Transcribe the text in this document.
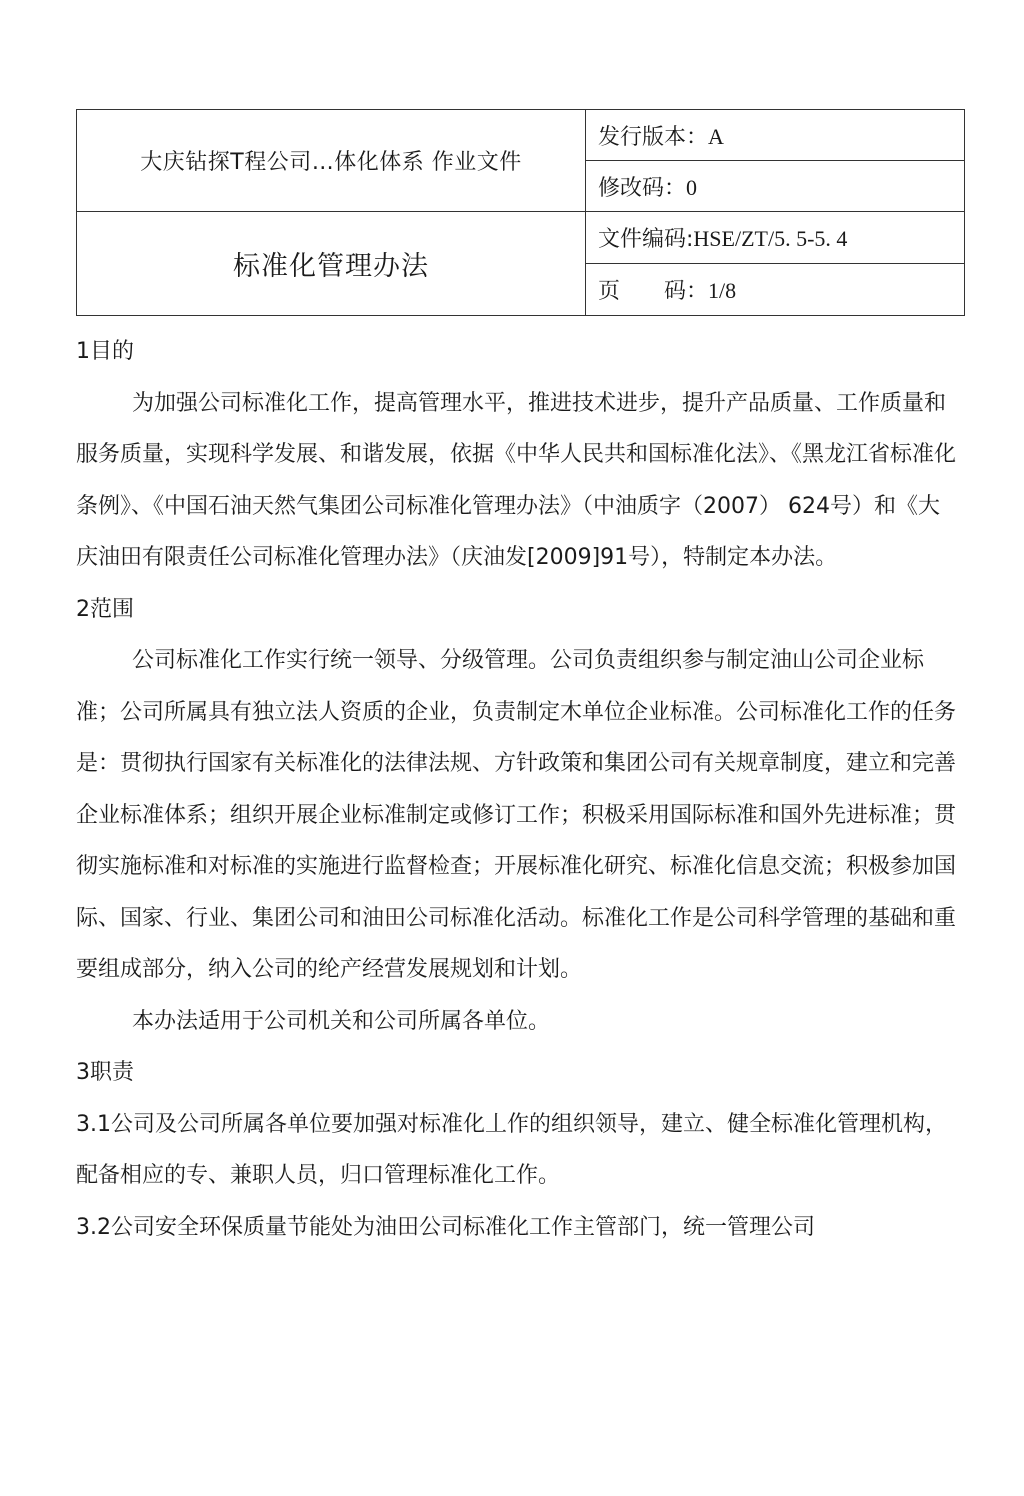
大庆钻探T程公司…体化体系 作业文件	发行版本：A
	修改码：0
标准化管理办法	文件编码:HSE/ZT/5. 5-5. 4
	页　　码：1/8

1目的

为加强公司标准化工作，提高管理水平，推进技术进步，提升产品质量、工作质量和服务质量，实现科学发展、和谐发展，依据《中华人民共和国标准化法》、《黑龙江省标准化条例》、《中国石油天然气集团公司标准化管理办法》（中油质字（2007） 624号）和《大庆油田有限责任公司标准化管理办法》（庆油发[2009]91号），特制定本办法。

2范围

公司标准化工作实行统一领导、分级管理。公司负责组织参与制定油山公司企业标准；公司所属具有独立法人资质的企业，负责制定木单位企业标准。公司标准化工作的任务是：贯彻执行国家有关标准化的法律法规、方针政策和集团公司有关规章制度，建立和完善企业标准体系；组织开展企业标准制定或修订工作；积极采用国际标准和国外先进标准；贯彻实施标准和对标准的实施进行监督检查；开展标准化研究、标准化信息交流；积极参加国际、国家、行业、集团公司和油田公司标准化活动。标准化工作是公司科学管理的基础和重要组成部分，纳入公司的纶产经营发展规划和计划。

本办法适用于公司机关和公司所属各单位。

3职责

3.1公司及公司所属各单位要加强对标准化丄作的组织领导，建立、健全标准化管理机构，配备相应的专、兼职人员，归口管理标准化工作。

3.2公司安全环保质量节能处为油田公司标准化工作主管部门，统一管理公司
